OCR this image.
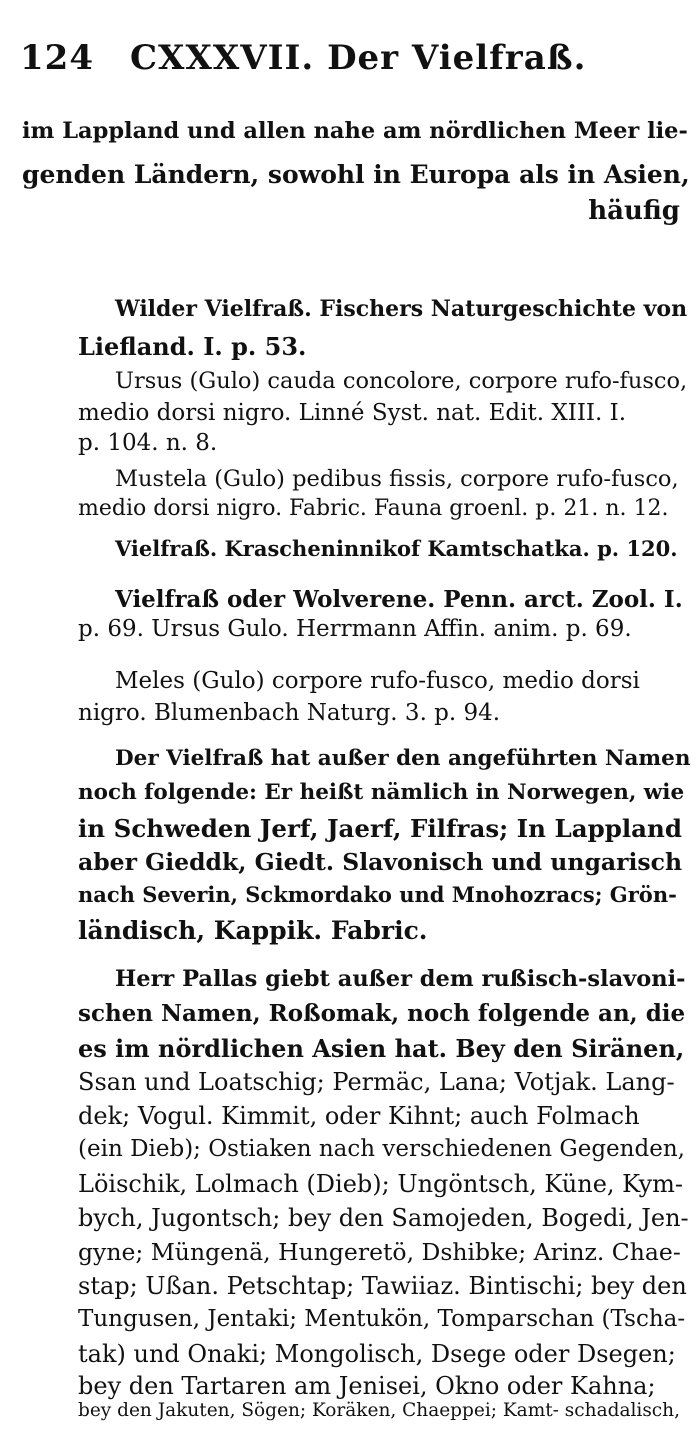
124 CXXXVII. Der Vielfraß.
im Lappland und allen nahe am nördlichen Meer lie-
genden Ländern, sowohl in Europa als in Asien,
häufig
Wilder Vielfraß. Fischers Naturgeschichte von
Liefland. I. p. 53.
Ursus (Gulo) cauda concolore, corpore rufo-fusco,
medio dorsi nigro. Linné Syst. nat. Edit. XIII. I.
p. 104. n. 8.
Mustela (Gulo) pedibus fissis, corpore rufo-fusco,
medio dorsi nigro. Fabric. Fauna groenl. p. 21. n. 12.
Vielfraß. Krascheninnikof Kamtschatka. p. 120.
Vielfraß oder Wolverene. Penn. arct. Zool. I.
p. 69. Ursus Gulo. Herrmann Affin. anim. p. 69.
Meles (Gulo) corpore rufo-fusco, medio dorsi
nigro. Blumenbach Naturg. 3. p. 94.
Der Vielfraß hat außer den angeführten Namen
noch folgende: Er heißt nämlich in Norwegen, wie
in Schweden Jerf, Jaerf, Filfras; In Lappland
aber Gieddk, Giedt. Slavonisch und ungarisch
nach Severin, Sckmordako und Mnohozracs; Grön-
ländisch, Kappik. Fabric.
Herr Pallas giebt außer dem rußisch-slavoni-
schen Namen, Roßomak, noch folgende an, die
es im nördlichen Asien hat. Bey den Siränen,
Ssan und Loatschig; Permäc, Lana; Votjak. Lang-
dek; Vogul. Kimmit, oder Kihnt; auch Folmach
(ein Dieb); Ostiaken nach verschiedenen Gegenden,
Löischik, Lolmach (Dieb); Ungöntsch, Küne, Kym-
bych, Jugontsch; bey den Samojeden, Bogedi, Jen-
gyne; Müngenä, Hungeretö, Dshibke; Arinz. Chae-
stap; Ußan. Petschtap; Tawiiaz. Bintischi; bey den
Tungusen, Jentaki; Mentukön, Tomparschan (Tscha-
tak) und Onaki; Mongolisch, Dsege oder Dsegen;
bey den Tartaren am Jenisei, Okno oder Kahna;
bey den Jakuten, Sögen; Koräken, Chaeppei; Kamt- schadalisch,
